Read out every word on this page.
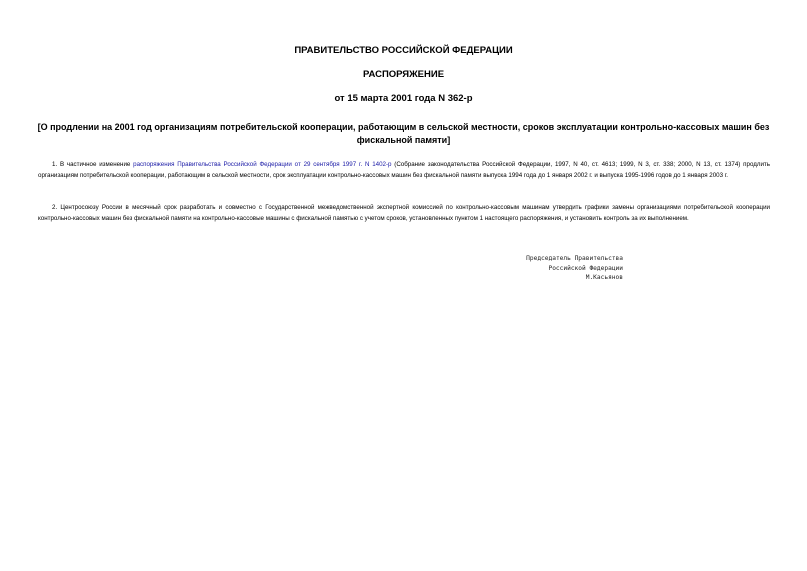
ПРАВИТЕЛЬСТВО РОССИЙСКОЙ ФЕДЕРАЦИИ
РАСПОРЯЖЕНИЕ
от 15 марта 2001 года N 362-р
[О продлении на 2001 год организациям потребительской кооперации, работающим в сельской местности, сроков эксплуатации контрольно-кассовых машин без фискальной памяти]
1. В частичное изменение распоряжения Правительства Российской Федерации от 29 сентября 1997 г. N 1402-р (Собрание законодательства Российской Федерации, 1997, N 40, ст. 4613; 1999, N 3, ст. 338; 2000, N 13, ст. 1374) продлить организациям потребительской кооперации, работающим в сельской местности, срок эксплуатации контрольно-кассовых машин без фискальной памяти выпуска 1994 года до 1 января 2002 г. и выпуска 1995-1996 годов до 1 января 2003 г.
2. Центросоюзу России в месячный срок разработать и совместно с Государственной межведомственной экспертной комиссией по контрольно-кассовым машинам утвердить графики замены организациями потребительской кооперации контрольно-кассовых машин без фискальной памяти на контрольно-кассовые машины с фискальной памятью с учетом сроков, установленных пунктом 1 настоящего распоряжения, и установить контроль за их выполнением.
Председатель Правительства
Российской Федерации
М.Касьянов
